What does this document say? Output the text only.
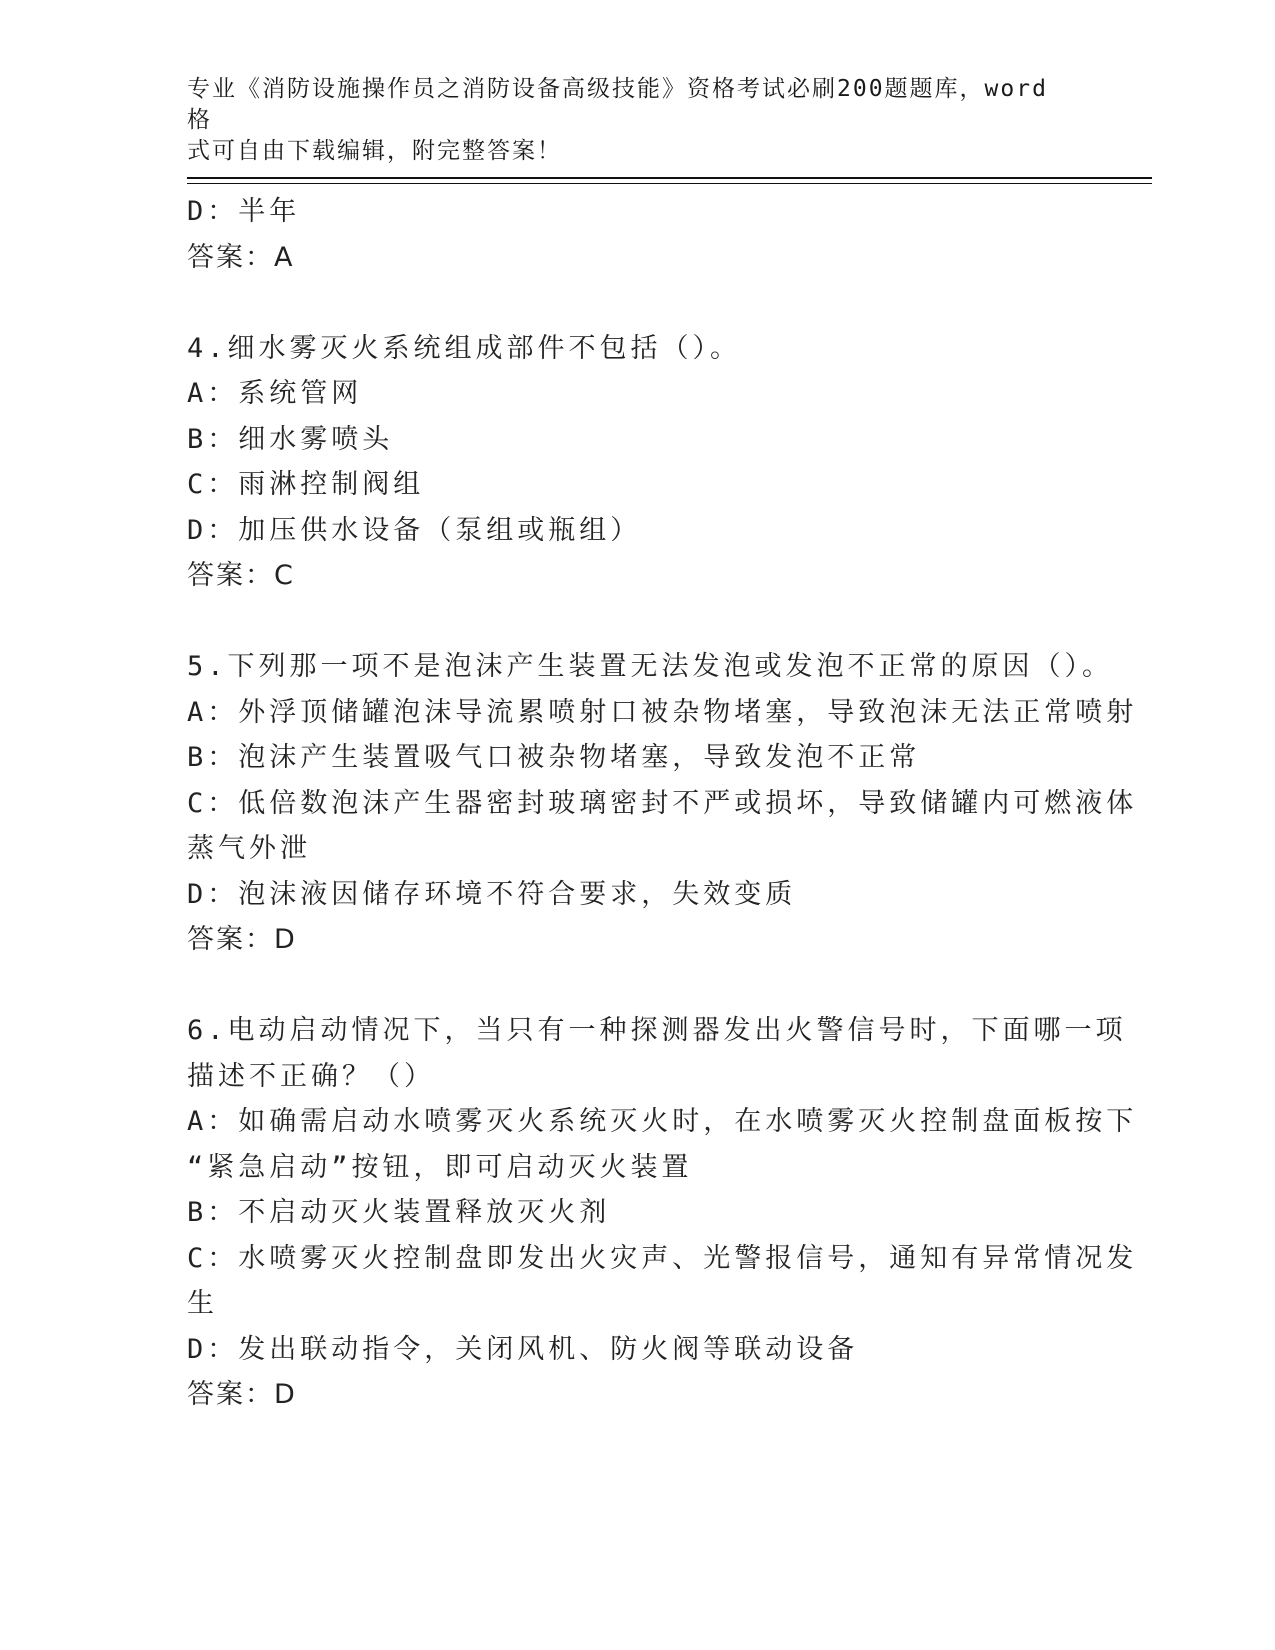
专业《消防设施操作员之消防设备高级技能》资格考试必刷200题题库，word格
式可自由下载编辑，附完整答案！
D：半年
答案：A
4.细水雾灭火系统组成部件不包括（）。
A：系统管网
B：细水雾喷头
C：雨淋控制阀组
D：加压供水设备（泵组或瓶组）
答案：C
5.下列那一项不是泡沫产生装置无法发泡或发泡不正常的原因（）。
A：外浮顶储罐泡沫导流累喷射口被杂物堵塞，导致泡沫无法正常喷射
B：泡沫产生装置吸气口被杂物堵塞，导致发泡不正常
C：低倍数泡沫产生器密封玻璃密封不严或损坏，导致储罐内可燃液体
蒸气外泄
D：泡沫液因储存环境不符合要求，失效变质
答案：D
6.电动启动情况下，当只有一种探测器发出火警信号时，下面哪一项
描述不正确？（）
A：如确需启动水喷雾灭火系统灭火时，在水喷雾灭火控制盘面板按下
“紧急启动”按钮，即可启动灭火装置
B：不启动灭火装置释放灭火剂
C：水喷雾灭火控制盘即发出火灾声、光警报信号，通知有异常情况发
生
D：发出联动指令，关闭风机、防火阀等联动设备
答案：D
